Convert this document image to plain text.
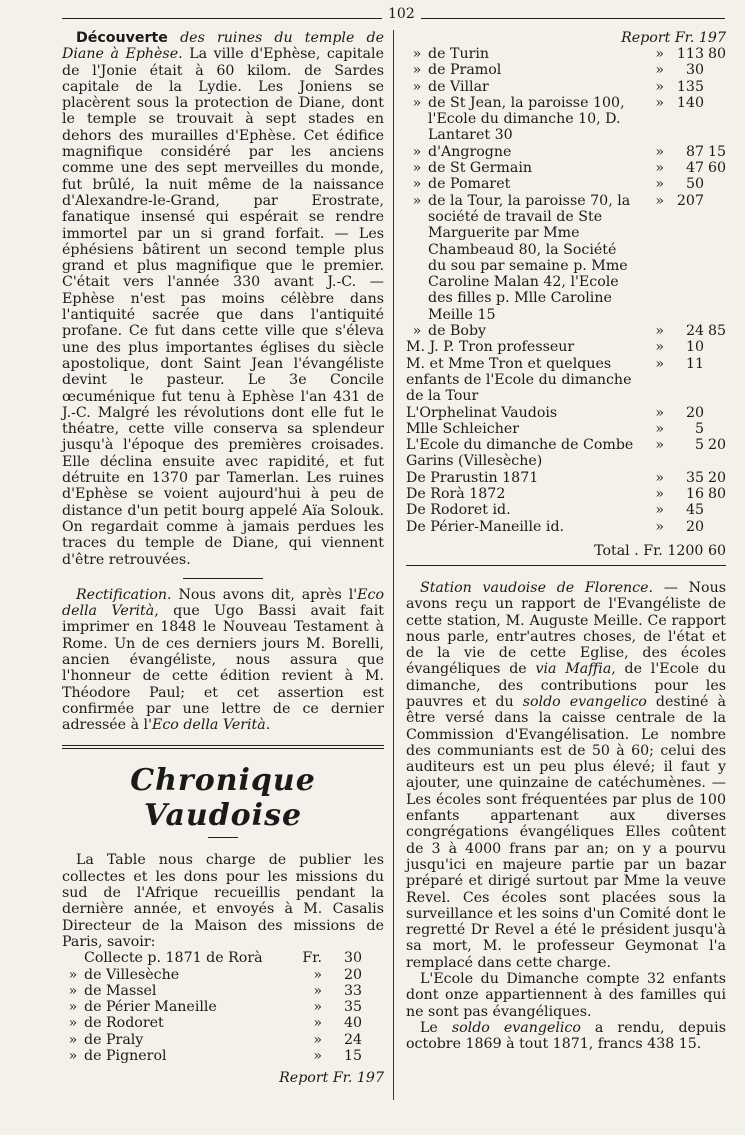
102

Découverte des ruines du temple de Diane à Ephèse. La ville d'Ephèse, capitale de l'Jonie était à 60 kilom. de Sardes capitale de la Lydie. Les Joniens se placèrent sous la protection de Diane, dont le temple se trouvait à sept stades en dehors des murailles d'Ephèse. Cet édifice magnifique considéré par les anciens comme une des sept merveilles du monde, fut brûlé, la nuit même de la naissance d'Alexandre-le-Grand, par Erostrate, fanatique insensé qui espérait se rendre immortel par un si grand forfait. — Les éphésiens bâtirent un second temple plus grand et plus magnifique que le premier. C'était vers l'année 330 avant J.-C. — Ephèse n'est pas moins célèbre dans l'antiquité sacrée que dans l'antiquité profane. Ce fut dans cette ville que s'éleva une des plus importantes églises du siècle apostolique, dont Saint Jean l'évangéliste devint le pasteur. Le 3e Concile œcuménique fut tenu à Ephèse l'an 431 de J.-C. Malgré les révolutions dont elle fut le théatre, cette ville conserva sa splendeur jusqu'à l'époque des premières croisades. Elle déclina ensuite avec rapidité, et fut détruite en 1370 par Tamerlan. Les ruines d'Ephèse se voient aujourd'hui à peu de distance d'un petit bourg appelé Aïa Solouk. On regardait comme à jamais perdues les traces du temple de Diane, qui viennent d'être retrouvées.

Rectification. Nous avons dit, après l'Eco della Verità, que Ugo Bassi avait fait imprimer en 1848 le Nouveau Testament à Rome. Un de ces derniers jours M. Borelli, ancien évangéliste, nous assura que l'honneur de cette édition revient à M. Théodore Paul; et cet assertion est confirmée par une lettre de ce dernier adressée à l'Eco della Verità.

Chronique Vaudoise

La Table nous charge de publier les collectes et les dons pour les missions du sud de l'Afrique recueillis pendant la dernière année, et envoyés à M. Casalis Directeur de la Maison des missions de Paris, savoir:

	Collecte p. 1871 de Rorà	Fr.	30	
»	de Villesèche	»	20	
»	de Massel	»	33	
»	de Périer Maneille	»	35	
»	de Rodoret	»	40	
»	de Praly	»	24	
»	de Pignerol	»	15	
Report Fr. 197
Report Fr. 197
»	de Turin	»	113	80
»	de Pramol	»	30	
»	de Villar	»	135	
»	de St Jean, la paroisse 100, l'Ecole du dimanche 10, D. Lantaret 30	»	140	
»	d'Angrogne	»	87	15
»	de St Germain	»	47	60
»	de Pomaret	»	50	
»	de la Tour, la paroisse 70, la société de travail de Ste Marguerite par Mme Chambeaud 80, la Société du sou par semaine p. Mme Caroline Malan 42, l'Ecole des filles p. Mlle Caroline Meille 15	»	207	
»	de Boby	»	24	85
M. J. P. Tron professeur	»	10	
M. et Mme Tron et quelques enfants de l'Ecole du dimanche de la Tour	»	11	
L'Orphelinat Vaudois	»	20	
Mlle Schleicher	»	5	
L'Ecole du dimanche de Combe Garins (Villesèche)	»	5	20
De Prarustin 1871	»	35	20
De Rorà 1872	»	16	80
De Rodoret id.	»	45	
De Périer-Maneille id.	»	20	
Total . Fr. 1200 60

Station vaudoise de Florence. — Nous avons reçu un rapport de l'Evangéliste de cette station, M. Auguste Meille. Ce rapport nous parle, entr'autres choses, de l'état et de la vie de cette Eglise, des écoles évangéliques de via Maffia, de l'Ecole du dimanche, des contributions pour les pauvres et du soldo evangelico destiné à être versé dans la caisse centrale de la Commission d'Evangélisation. Le nombre des communiants est de 50 à 60; celui des auditeurs est un peu plus élevé; il faut y ajouter, une quinzaine de catéchumènes. — Les écoles sont fréquentées par plus de 100 enfants appartenant aux diverses congrégations évangéliques Elles coûtent de 3 à 4000 frans par an; on y a pourvu jusqu'ici en majeure partie par un bazar préparé et dirigé surtout par Mme la veuve Revel. Ces écoles sont placées sous la surveillance et les soins d'un Comité dont le regretté Dr Revel a été le président jusqu'à sa mort, M. le professeur Geymonat l'a remplacé dans cette charge.

L'Ecole du Dimanche compte 32 enfants dont onze appartiennent à des familles qui ne sont pas évangéliques.

Le soldo evangelico a rendu, depuis octobre 1869 à tout 1871, francs 438 15.
